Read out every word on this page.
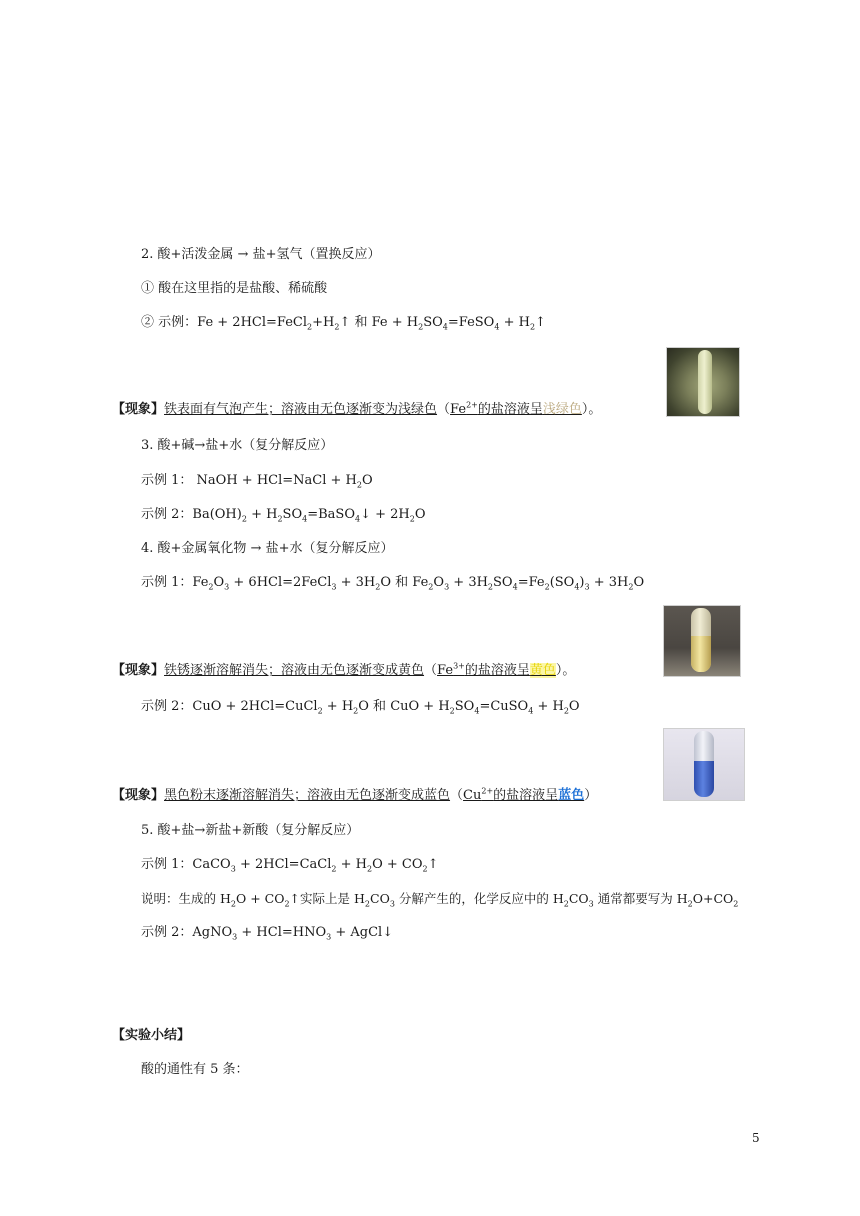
2. 酸+活泼金属 → 盐+氢气（置换反应）
① 酸在这里指的是盐酸、稀硫酸
② 示例：$Fe + 2HCl=FeCl_2+H_2↑$ 和 $Fe + H_2SO_4=FeSO_4$ + $H_2↑$
【现象】铁表面有气泡产生；溶液由无色逐渐变为浅绿色（$Fe^{2+}$的盐溶液呈浅绿色）。
3. 酸+碱→盐+水（复分解反应）
示例 1： NaOH + HCl=NaCl + $H_2O$
示例 2：$Ba(OH)_2$ + $H_2SO_4=BaSO_4↓ + 2H_2O$
4. 酸+金属氧化物 → 盐+水（复分解反应）
示例 1：$Fe_2O_3$ + 6HCl=2FeCl$_3$ + $3H_2O$ 和 $Fe_2O_3 + 3H_2SO_4=Fe_2(SO_4)_3 + 3H_2O$
【现象】铁锈逐渐溶解消失；溶液由无色逐渐变成黄色（$Fe^{3+}$的盐溶液呈黄色）。
示例 2：CuO + 2HCl=CuCl$_2$ + $H_2O$ 和 CuO + $H_2SO_4=CuSO_4 + H_2O$
【现象】黑色粉末逐渐溶解消失；溶液由无色逐渐变成蓝色（$Cu^{2+}$的盐溶液呈蓝色）
5. 酸+盐→新盐+新酸（复分解反应）
示例 1：CaCO$_3$ + 2HCl=CaCl$_2$ + $H_2O$ + $CO_2↑$
说明：生成的 $H_2O$ + $CO_2↑$实际上是 $H_2CO_3$ 分解产生的，化学反应中的 $H_2CO_3$ 通常都要写为 $H_2O+CO_2$
示例 2：AgNO$_3$ + $HCl=HNO_3$ + AgCl↓
【实验小结】
酸的通性有 5 条：
5
